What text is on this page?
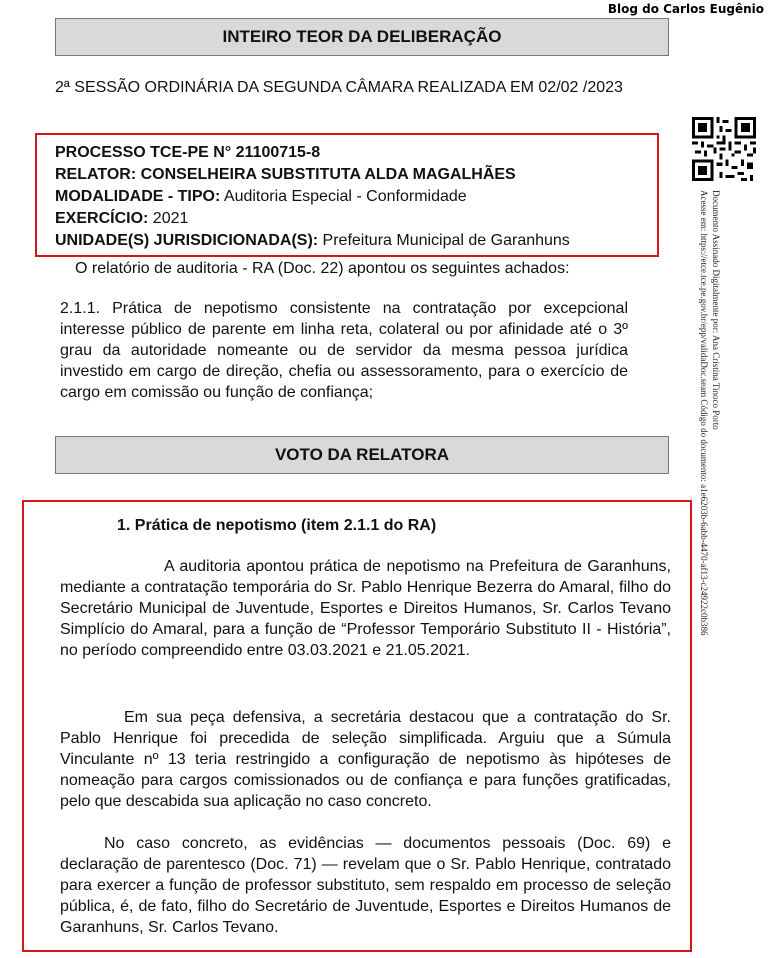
Blog do Carlos Eugênio
INTEIRO TEOR DA DELIBERAÇÃO
2ª SESSÃO ORDINÁRIA DA SEGUNDA CÂMARA REALIZADA EM 02/02 /2023
PROCESSO TCE-PE N° 21100715-8
RELATOR: CONSELHEIRA SUBSTITUTA ALDA MAGALHÃES
MODALIDADE - TIPO: Auditoria Especial - Conformidade
EXERCÍCIO: 2021
UNIDADE(S) JURISDICIONADA(S): Prefeitura Municipal de Garanhuns
O relatório de auditoria - RA (Doc. 22) apontou os seguintes achados:
2.1.1. Prática de nepotismo consistente na contratação por excepcional interesse público de parente em linha reta, colateral ou por afinidade até o 3º grau da autoridade nomeante ou de servidor da mesma pessoa jurídica investido em cargo de direção, chefia ou assessoramento, para o exercício de cargo em comissão ou função de confiança;
VOTO DA RELATORA
1. Prática de nepotismo (item 2.1.1 do RA)
A auditoria apontou prática de nepotismo na Prefeitura de Garanhuns, mediante a contratação temporária do Sr. Pablo Henrique Bezerra do Amaral, filho do Secretário Municipal de Juventude, Esportes e Direitos Humanos, Sr. Carlos Tevano Simplício do Amaral, para a função de “Professor Temporário Substituto II - História”, no período compreendido entre 03.03.2021 e 21.05.2021.
Em sua peça defensiva, a secretária destacou que a contratação do Sr. Pablo Henrique foi precedida de seleção simplificada. Arguiu que a Súmula Vinculante nº 13 teria restringido a configuração de nepotismo às hipóteses de nomeação para cargos comissionados ou de confiança e para funções gratificadas, pelo que descabida sua aplicação no caso concreto.
No caso concreto, as evidências — documentos pessoais (Doc. 69) e declaração de parentesco (Doc. 71) — revelam que o Sr. Pablo Henrique, contratado para exercer a função de professor substituto, sem respaldo em processo de seleção pública, é, de fato, filho do Secretário de Juventude, Esportes e Direitos Humanos de Garanhuns, Sr. Carlos Tevano.
Documento Assinado Digitalmente por: Ana Cristina Tinoco Porto
Acesse em: https://etce.tce.pe.gov.br/epp/validaDoc.seam Código do documento: a1e6203b-6abb-4470-af13-c24922c0b386
